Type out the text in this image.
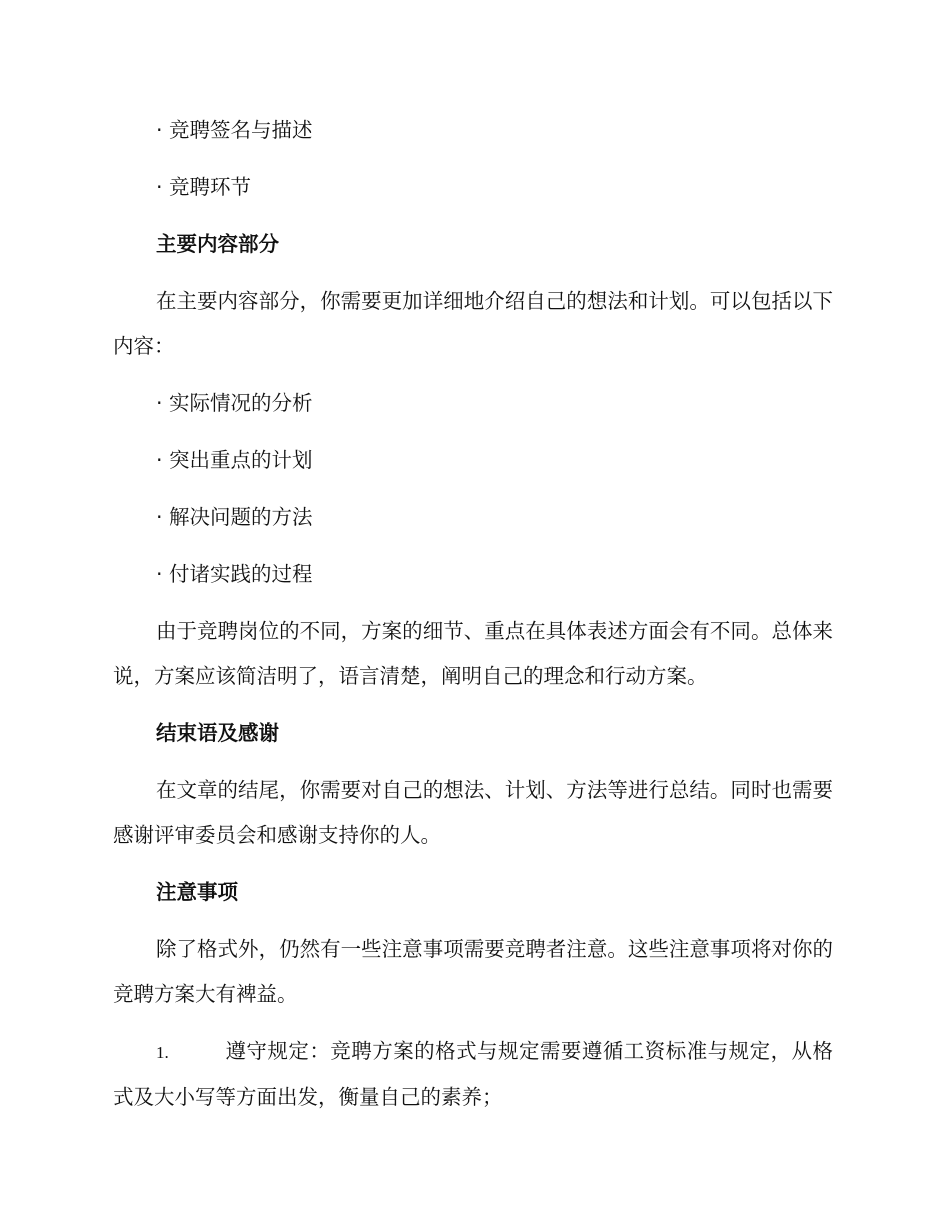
· 竞聘签名与描述
· 竞聘环节
主要内容部分
在主要内容部分，你需要更加详细地介绍自己的想法和计划。可以包括以下内容：
· 实际情况的分析
· 突出重点的计划
· 解决问题的方法
· 付诸实践的过程
由于竞聘岗位的不同，方案的细节、重点在具体表述方面会有不同。总体来说，方案应该简洁明了，语言清楚，阐明自己的理念和行动方案。
结束语及感谢
在文章的结尾，你需要对自己的想法、计划、方法等进行总结。同时也需要感谢评审委员会和感谢支持你的人。
注意事项
除了格式外，仍然有一些注意事项需要竞聘者注意。这些注意事项将对你的竞聘方案大有裨益。
1.	遵守规定：竞聘方案的格式与规定需要遵循工资标准与规定，从格式及大小写等方面出发，衡量自己的素养；
